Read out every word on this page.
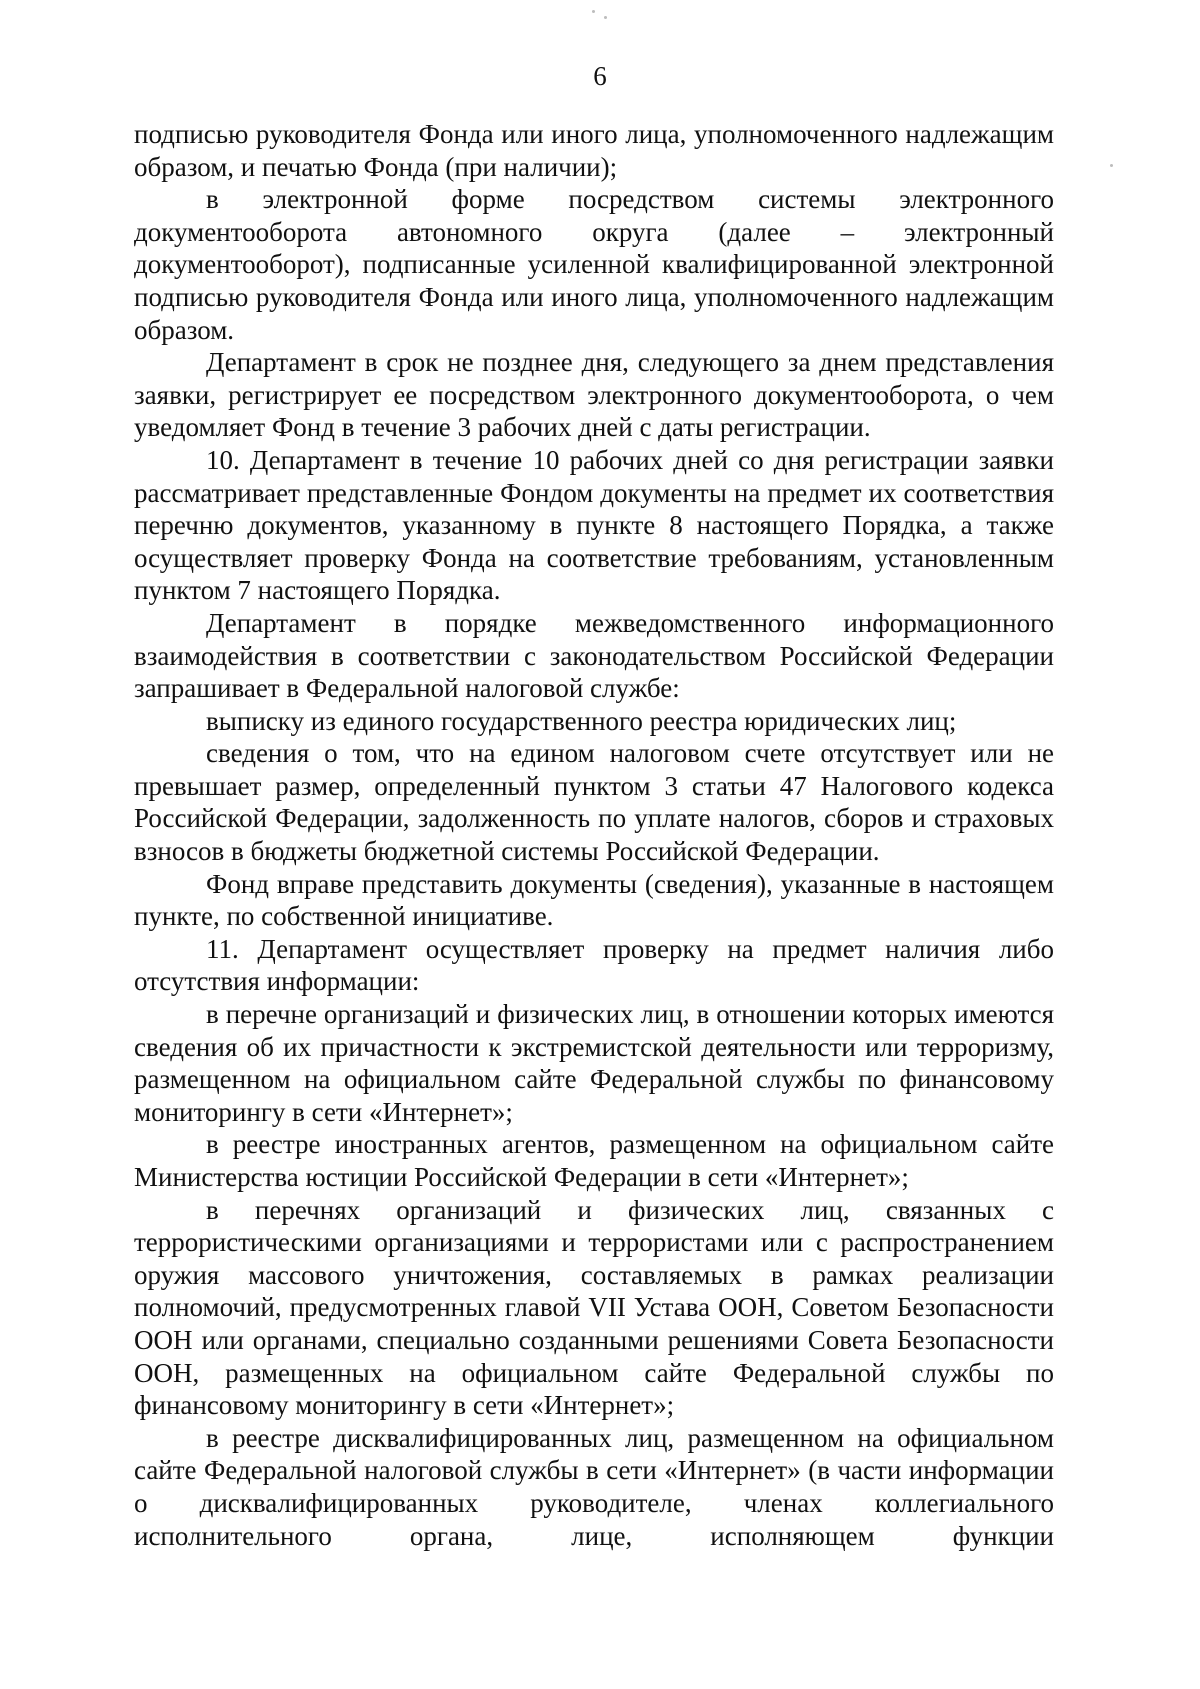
6

подписью руководителя Фонда или иного лица, уполномоченного надлежащим образом, и печатью Фонда (при наличии);

в электронной форме посредством системы электронного документооборота автономного округа (далее – электронный документооборот), подписанные усиленной квалифицированной электронной подписью руководителя Фонда или иного лица, уполномоченного надлежащим образом.

Департамент в срок не позднее дня, следующего за днем представления заявки, регистрирует ее посредством электронного документооборота, о чем уведомляет Фонд в течение 3 рабочих дней с даты регистрации.

10. Департамент в течение 10 рабочих дней со дня регистрации заявки рассматривает представленные Фондом документы на предмет их соответствия перечню документов, указанному в пункте 8 настоящего Порядка, а также осуществляет проверку Фонда на соответствие требованиям, установленным пунктом 7 настоящего Порядка.

Департамент в порядке межведомственного информационного взаимодействия в соответствии с законодательством Российской Федерации запрашивает в Федеральной налоговой службе:

выписку из единого государственного реестра юридических лиц;

сведения о том, что на едином налоговом счете отсутствует или не превышает размер, определенный пунктом 3 статьи 47 Налогового кодекса Российской Федерации, задолженность по уплате налогов, сборов и страховых взносов в бюджеты бюджетной системы Российской Федерации.

Фонд вправе представить документы (сведения), указанные в настоящем пункте, по собственной инициативе.

11. Департамент осуществляет проверку на предмет наличия либо отсутствия информации:

в перечне организаций и физических лиц, в отношении которых имеются сведения об их причастности к экстремистской деятельности или терроризму, размещенном на официальном сайте Федеральной службы по финансовому мониторингу в сети «Интернет»;

в реестре иностранных агентов, размещенном на официальном сайте Министерства юстиции Российской Федерации в сети «Интернет»;

в перечнях организаций и физических лиц, связанных с террористическими организациями и террористами или с распространением оружия массового уничтожения, составляемых в рамках реализации полномочий, предусмотренных главой VII Устава ООН, Советом Безопасности ООН или органами, специально созданными решениями Совета Безопасности ООН, размещенных на официальном сайте Федеральной службы по финансовому мониторингу в сети «Интернет»;

в реестре дисквалифицированных лиц, размещенном на официальном сайте Федеральной налоговой службы в сети «Интернет» (в части информации о дисквалифицированных руководителе, членах коллегиального исполнительного органа, лице, исполняющем функции
